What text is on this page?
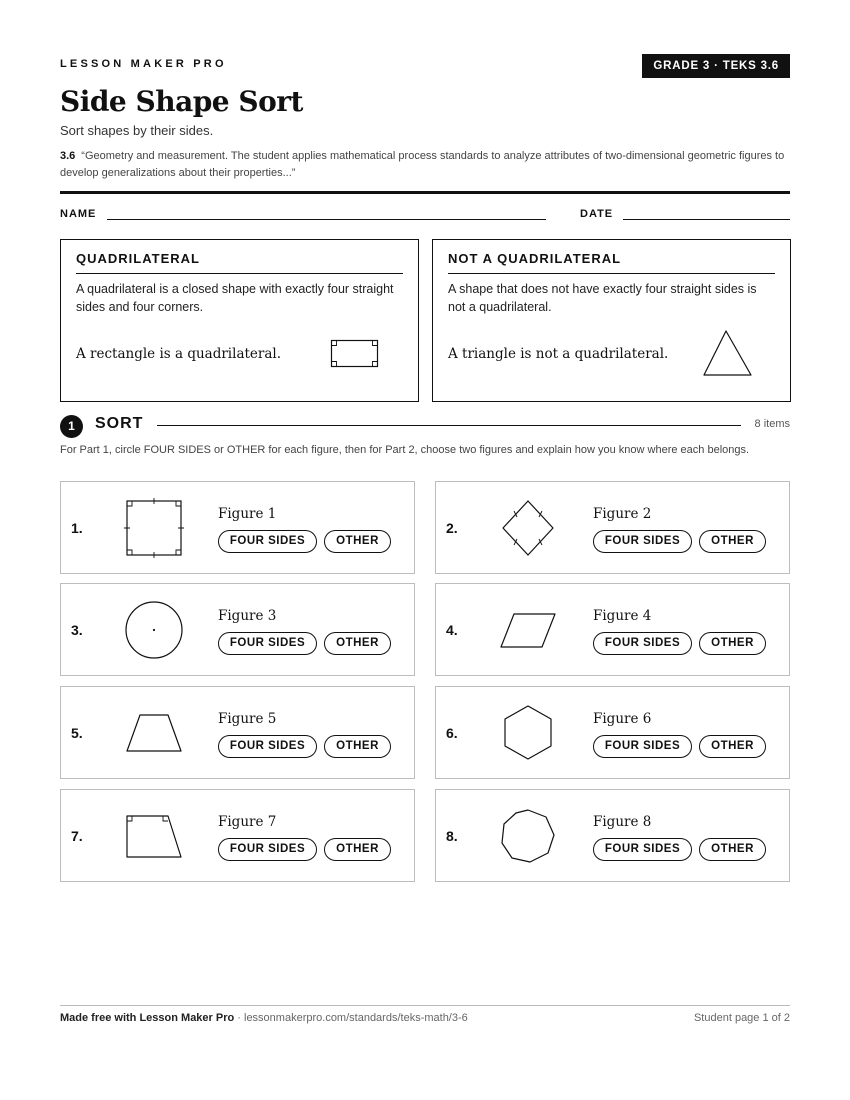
LESSON MAKER PRO	GRADE 3 · TEKS 3.6
Side Shape Sort
Sort shapes by their sides.
3.6 “Geometry and measurement. The student applies mathematical process standards to analyze attributes of two-dimensional geometric figures to develop generalizations about their properties...”
NAME	DATE
QUADRILATERAL
A quadrilateral is a closed shape with exactly four straight sides and four corners.
A rectangle is a quadrilateral.
NOT A QUADRILATERAL
A shape that does not have exactly four straight sides is not a quadrilateral.
A triangle is not a quadrilateral.
1	SORT	8 items
For Part 1, circle FOUR SIDES or OTHER for each figure, then for Part 2, choose two figures and explain how you know where each belongs.
1.
Figure 1
FOUR SIDES	OTHER
2.
Figure 2
FOUR SIDES	OTHER
3.
Figure 3
FOUR SIDES	OTHER
4.
Figure 4
FOUR SIDES	OTHER
5.
Figure 5
FOUR SIDES	OTHER
6.
Figure 6
FOUR SIDES	OTHER
7.
Figure 7
FOUR SIDES	OTHER
8.
Figure 8
FOUR SIDES	OTHER
Made free with Lesson Maker Pro · lessonmakerpro.com/standards/teks-math/3-6	Student page 1 of 2
